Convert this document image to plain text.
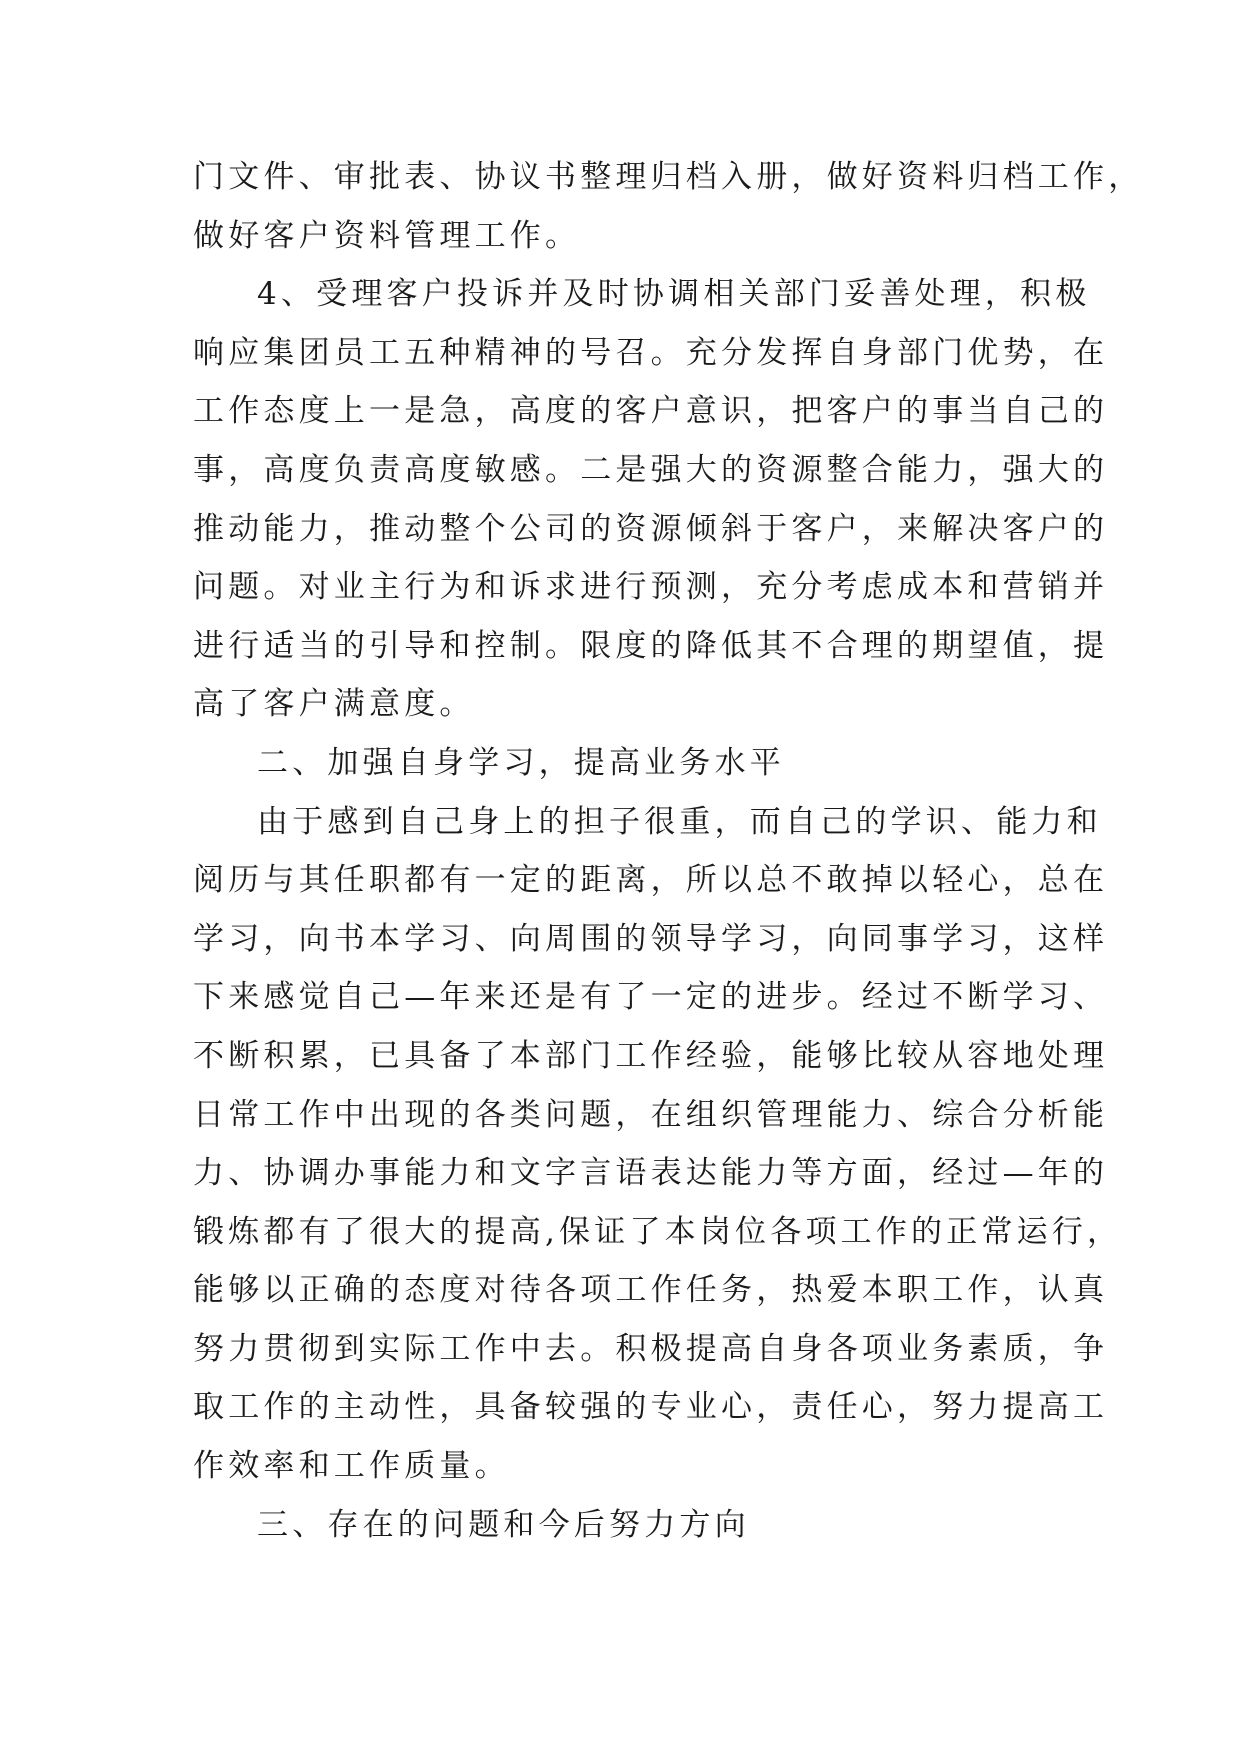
门文件、审批表、协议书整理归档入册，做好资料归档工作，
做好客户资料管理工作。
4、受理客户投诉并及时协调相关部门妥善处理，积极
响应集团员工五种精神的号召。充分发挥自身部门优势，在
工作态度上一是急，高度的客户意识，把客户的事当自己的
事，高度负责高度敏感。二是强大的资源整合能力，强大的
推动能力，推动整个公司的资源倾斜于客户，来解决客户的
问题。对业主行为和诉求进行预测，充分考虑成本和营销并
进行适当的引导和控制。限度的降低其不合理的期望值，提
高了客户满意度。
二、加强自身学习，提高业务水平
由于感到自己身上的担子很重，而自己的学识、能力和
阅历与其任职都有一定的距离，所以总不敢掉以轻心，总在
学习，向书本学习、向周围的领导学习，向同事学习，这样
下来感觉自己—年来还是有了一定的进步。经过不断学习、
不断积累，已具备了本部门工作经验，能够比较从容地处理
日常工作中出现的各类问题，在组织管理能力、综合分析能
力、协调办事能力和文字言语表达能力等方面，经过—年的
锻炼都有了很大的提高,保证了本岗位各项工作的正常运行，
能够以正确的态度对待各项工作任务，热爱本职工作，认真
努力贯彻到实际工作中去。积极提高自身各项业务素质，争
取工作的主动性，具备较强的专业心，责任心，努力提高工
作效率和工作质量。
三、存在的问题和今后努力方向
